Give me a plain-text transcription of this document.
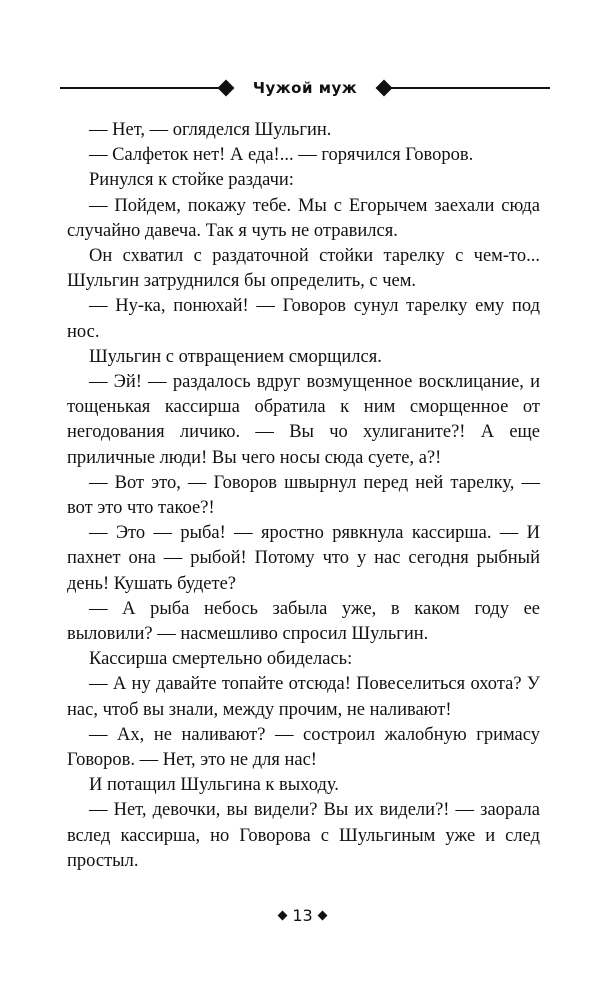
Чужой муж

— Нет, — огляделся Шульгин.

— Салфеток нет! А еда!... — горячился Говоров.

Ринулся к стойке раздачи:

— Пойдем, покажу тебе. Мы с Егорычем заехали сюда случайно давеча. Так я чуть не отравился.

Он схватил с раздаточной стойки тарелку с чем-то... Шульгин затруднился бы определить, с чем.

— Ну-ка, понюхай! — Говоров сунул тарелку ему под нос.

Шульгин с отвращением сморщился.

— Эй! — раздалось вдруг возмущенное восклицание, и тощенькая кассирша обратила к ним сморщенное от негодования личико. — Вы чо хулиганите?! А еще приличные люди! Вы чего носы сюда суете, а?!

— Вот это, — Говоров швырнул перед ней тарелку, — вот это что такое?!

— Это — рыба! — яростно рявкнула кассирша. — И пахнет она — рыбой! Потому что у нас сегодня рыбный день! Кушать будете?

— А рыба небось забыла уже, в каком году ее выловили? — насмешливо спросил Шульгин.

Кассирша смертельно обиделась:

— А ну давайте топайте отсюда! Повеселиться охота? У нас, чтоб вы знали, между прочим, не наливают!

— Ах, не наливают? — состроил жалобную гримасу Говоров. — Нет, это не для нас!

И потащил Шульгина к выходу.

— Нет, девочки, вы видели? Вы их видели?! — заорала вслед кассирша, но Говорова с Шульгиным уже и след простыл.

13
